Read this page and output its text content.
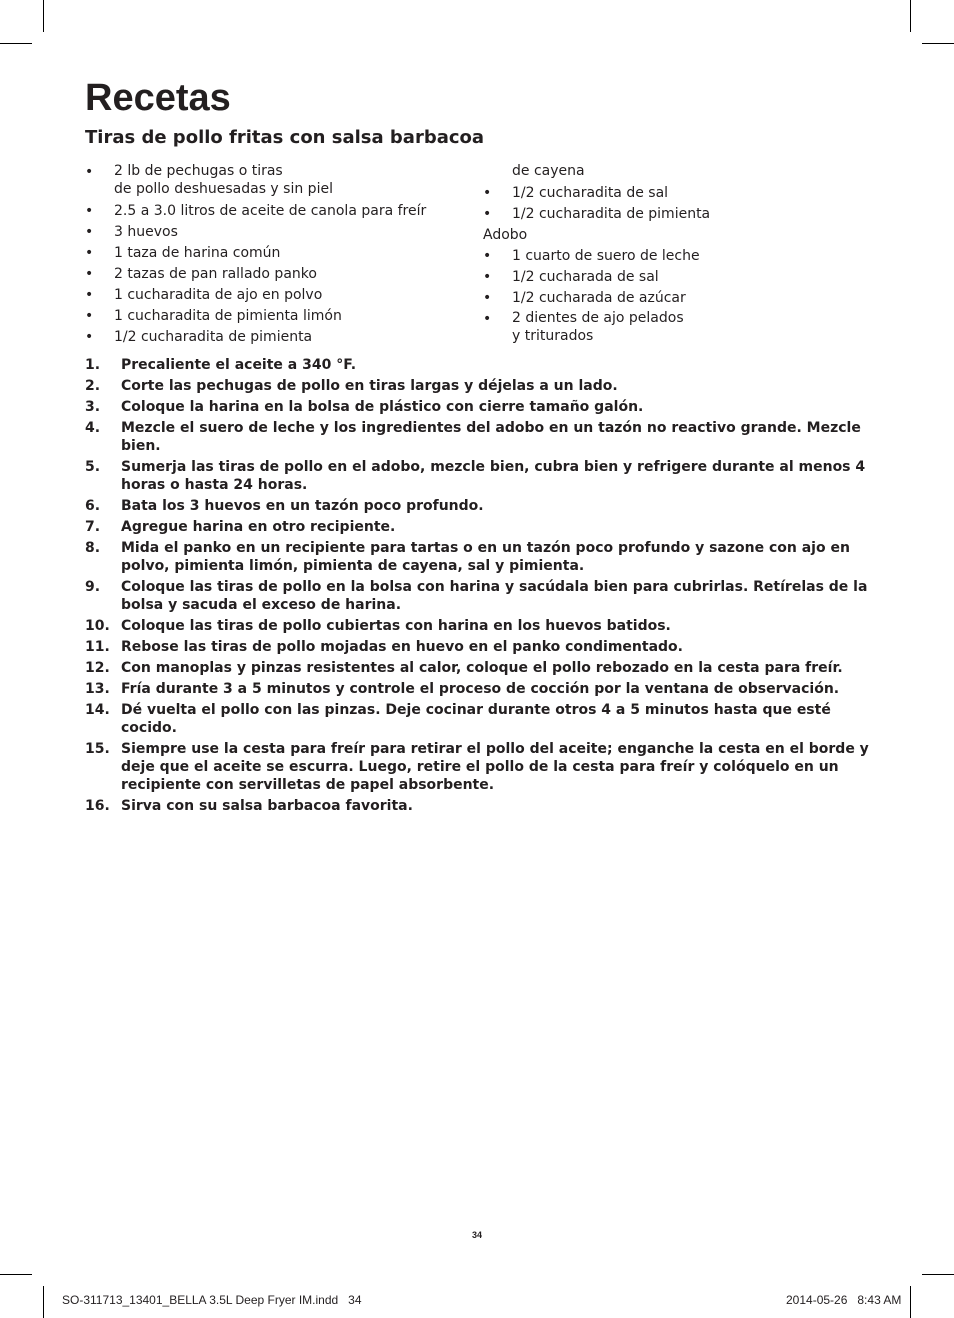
Recetas
Tiras de pollo fritas con salsa barbacoa
• 2 lb de pechugas o tiras
de pollo deshuesadas y sin piel
• 2.5 a 3.0 litros de aceite de canola para freír
• 3 huevos
• 1 taza de harina común
• 2 tazas de pan rallado panko
• 1 cucharadita de ajo en polvo
• 1 cucharadita de pimienta limón
• 1/2 cucharadita de pimienta
de cayena
• 1/2 cucharadita de sal
• 1/2 cucharadita de pimienta
Adobo
• 1 cuarto de suero de leche
• 1/2 cucharada de sal
• 1/2 cucharada de azúcar
• 2 dientes de ajo pelados
y triturados
1. Precaliente el aceite a 340 °F.
2. Corte las pechugas de pollo en tiras largas y déjelas a un lado.
3. Coloque la harina en la bolsa de plástico con cierre tamaño galón.
4. Mezcle el suero de leche y los ingredientes del adobo en un tazón no reactivo grande. Mezcle bien.
5. Sumerja las tiras de pollo en el adobo, mezcle bien, cubra bien y refrigere durante al menos 4 horas o hasta 24 horas.
6. Bata los 3 huevos en un tazón poco profundo.
7. Agregue harina en otro recipiente.
8. Mida el panko en un recipiente para tartas o en un tazón poco profundo y sazone con ajo en polvo, pimienta limón, pimienta de cayena, sal y pimienta.
9. Coloque las tiras de pollo en la bolsa con harina y sacúdala bien para cubrirlas. Retírelas de la bolsa y sacuda el exceso de harina.
10. Coloque las tiras de pollo cubiertas con harina en los huevos batidos.
11. Rebose las tiras de pollo mojadas en huevo en el panko condimentado.
12. Con manoplas y pinzas resistentes al calor, coloque el pollo rebozado en la cesta para freír.
13. Fría durante 3 a 5 minutos y controle el proceso de cocción por la ventana de observación.
14. Dé vuelta el pollo con las pinzas. Deje cocinar durante otros 4 a 5 minutos hasta que esté cocido.
15. Siempre use la cesta para freír para retirar el pollo del aceite; enganche la cesta en el borde y deje que el aceite se escurra. Luego, retire el pollo de la cesta para freír y colóquelo en un recipiente con servilletas de papel absorbente.
16. Sirva con su salsa barbacoa favorita.
34
SO-311713_13401_BELLA 3.5L Deep Fryer IM.indd   34	2014-05-26   8:43 AM
